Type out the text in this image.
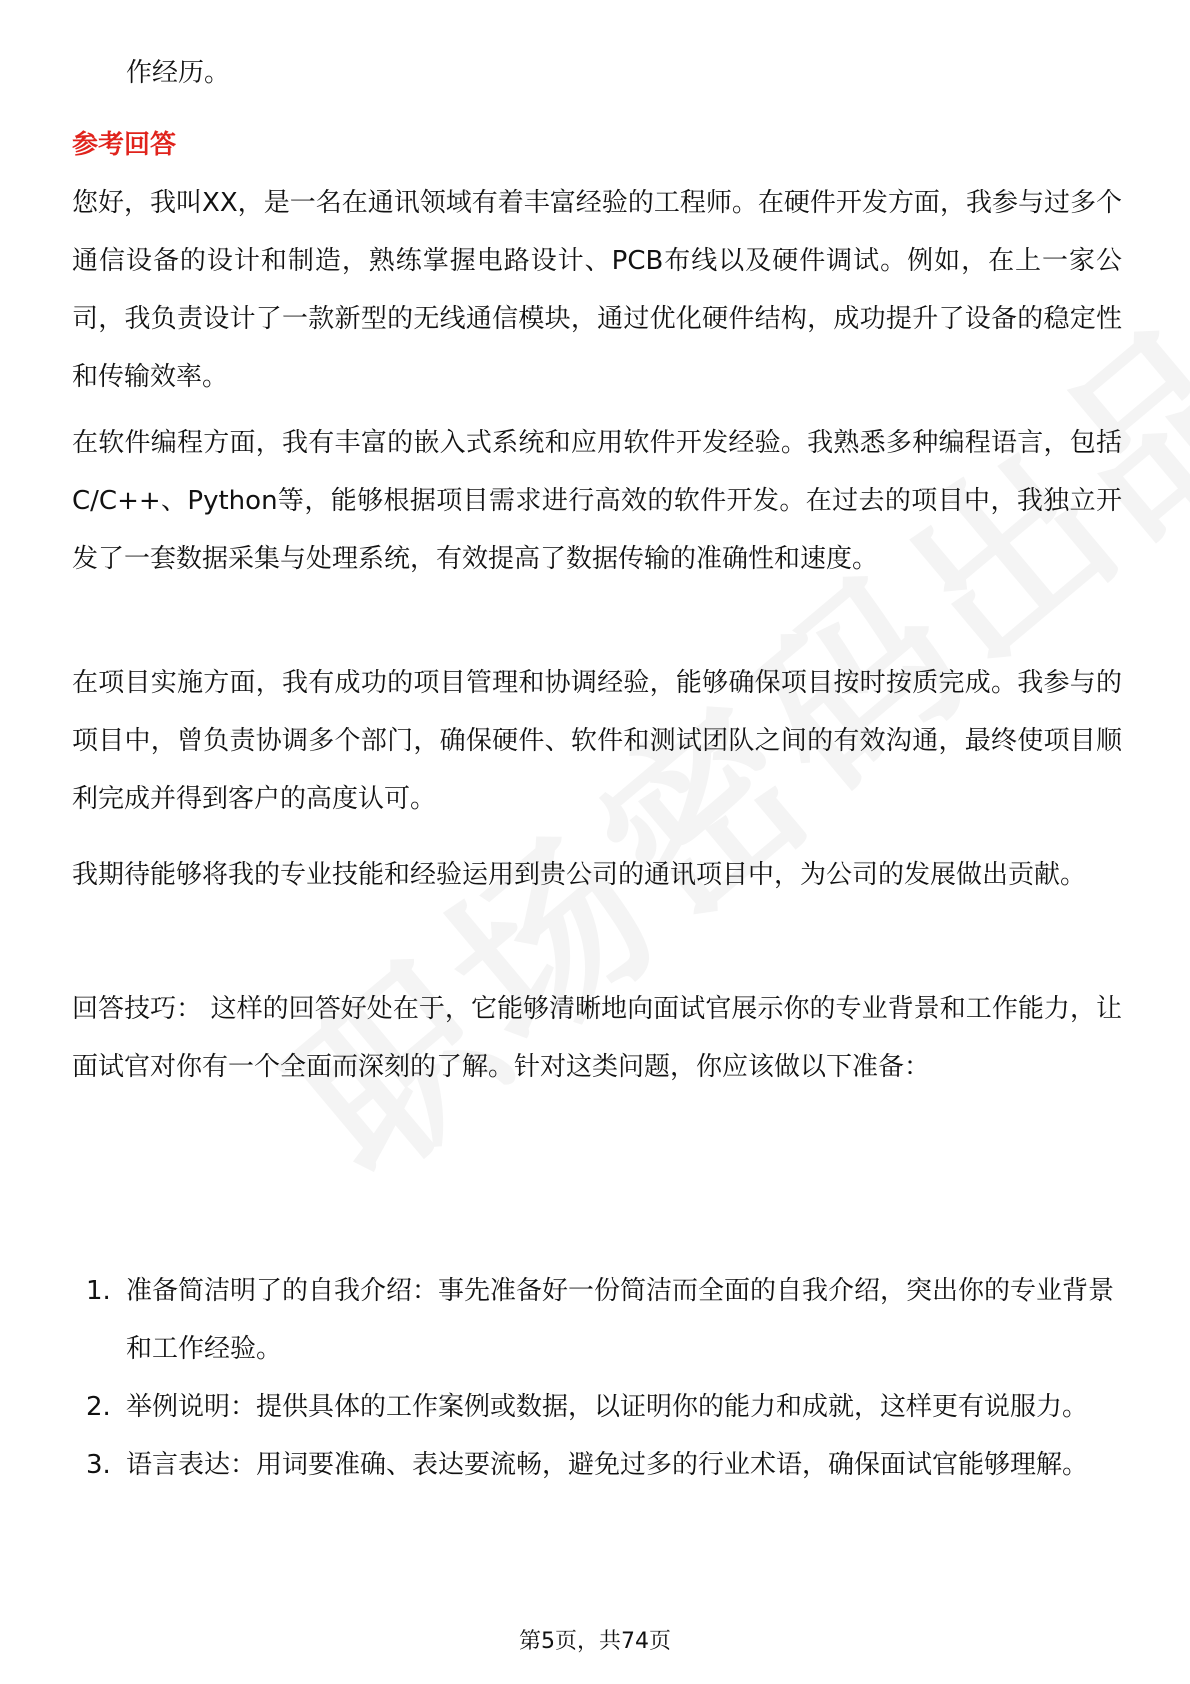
作经历。
参考回答
您好，我叫XX，是一名在通讯领域有着丰富经验的工程师。在硬件开发方面，我参与过多个通信设备的设计和制造，熟练掌握电路设计、PCB布线以及硬件调试。例如，在上一家公司，我负责设计了一款新型的无线通信模块，通过优化硬件结构，成功提升了设备的稳定性和传输效率。
在软件编程方面，我有丰富的嵌入式系统和应用软件开发经验。我熟悉多种编程语言，包括C/C++、Python等，能够根据项目需求进行高效的软件开发。在过去的项目中，我独立开发了一套数据采集与处理系统，有效提高了数据传输的准确性和速度。
在项目实施方面，我有成功的项目管理和协调经验，能够确保项目按时按质完成。我参与的项目中，曾负责协调多个部门，确保硬件、软件和测试团队之间的有效沟通，最终使项目顺利完成并得到客户的高度认可。
我期待能够将我的专业技能和经验运用到贵公司的通讯项目中，为公司的发展做出贡献。
回答技巧： 这样的回答好处在于，它能够清晰地向面试官展示你的专业背景和工作能力，让面试官对你有一个全面而深刻的了解。针对这类问题，你应该做以下准备：
1. 准备简洁明了的自我介绍：事先准备好一份简洁而全面的自我介绍，突出你的专业背景和工作经验。
2. 举例说明：提供具体的工作案例或数据，以证明你的能力和成就，这样更有说服力。
3. 语言表达：用词要准确、表达要流畅，避免过多的行业术语，确保面试官能够理解。
第5页，共74页
